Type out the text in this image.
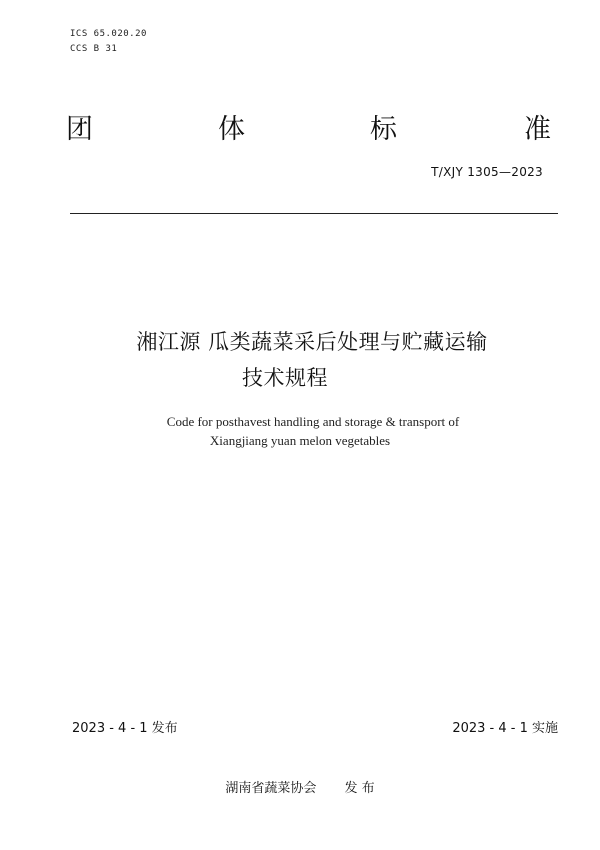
ICS 65.020.20
CCS B 31
团	体	标	准
T/XJY 1305—2023
湘江源 瓜类蔬菜采后处理与贮藏运输
技术规程
Code for posthavest handling and storage & transport of
Xiangjiang yuan melon vegetables
2023 - 4 - 1 发布	2023 - 4 - 1 实施
湖南省蔬菜协会 发 布
